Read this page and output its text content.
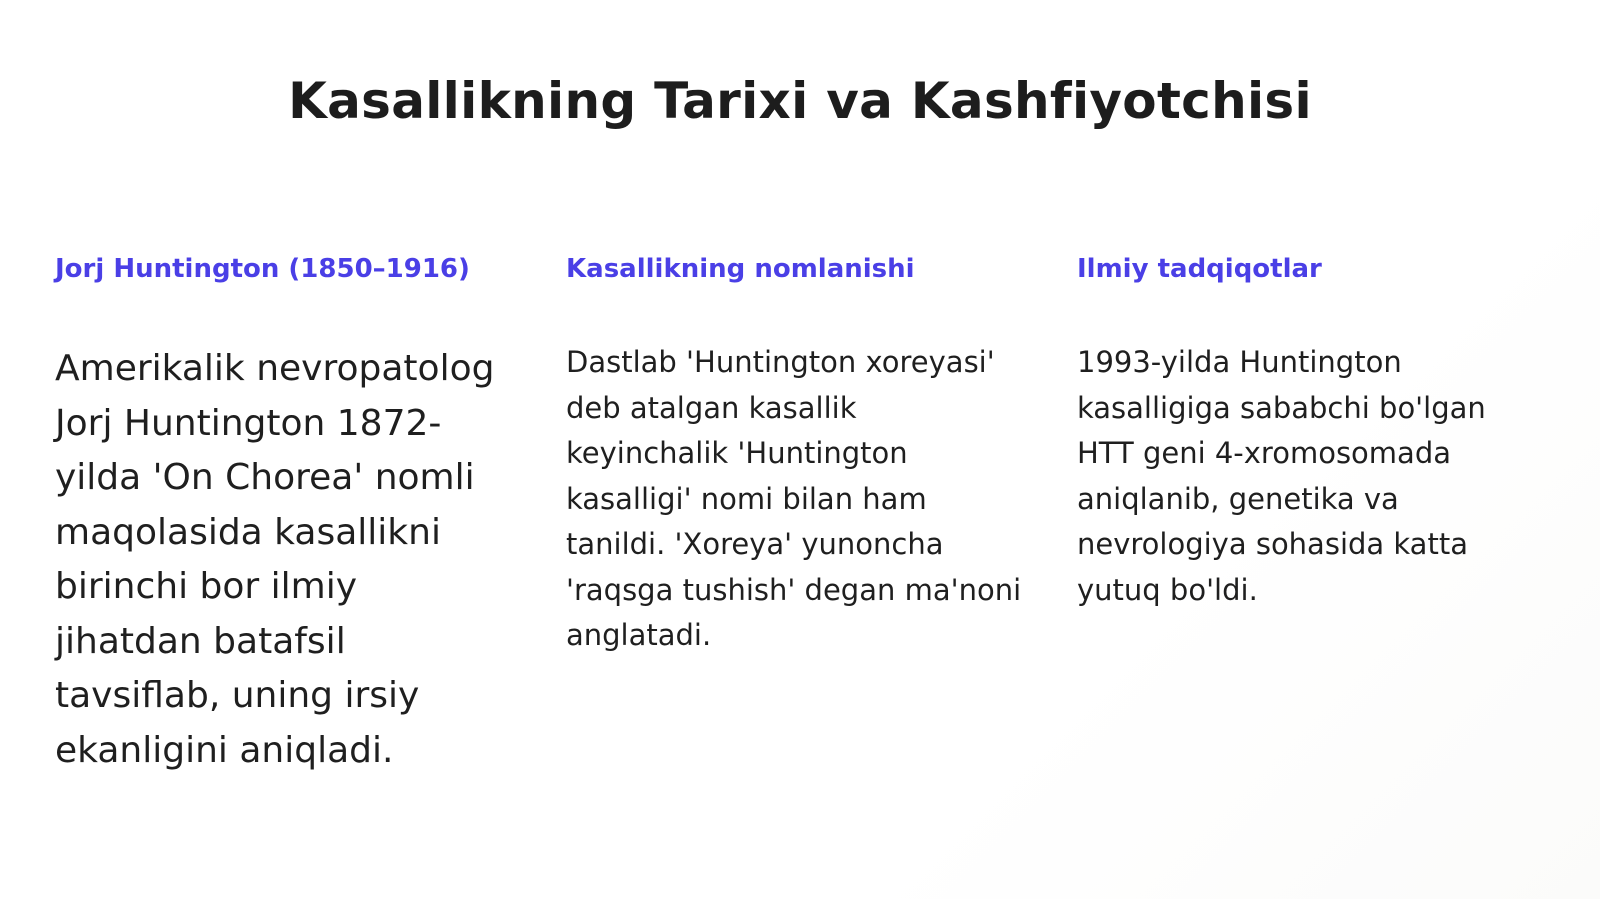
Kasallikning Tarixi va Kashfiyotchisi
Jorj Huntington (1850–1916)

Amerikalik nevropatolog Jorj Huntington 1872-yilda 'On Chorea' nomli maqolasida kasallikni birinchi bor ilmiy jihatdan batafsil tavsiflab, uning irsiy ekanligini aniqladi.

Kasallikning nomlanishi

Dastlab 'Huntington xoreyasi' deb atalgan kasallik keyinchalik 'Huntington kasalligi' nomi bilan ham tanildi. 'Xoreya' yunoncha 'raqsga tushish' degan ma'noni anglatadi.

Ilmiy tadqiqotlar

1993-yilda Huntington kasalligiga sababchi bo'lgan HTT geni 4-xromosomada aniqlanib, genetika va nevrologiya sohasida katta yutuq bo'ldi.
